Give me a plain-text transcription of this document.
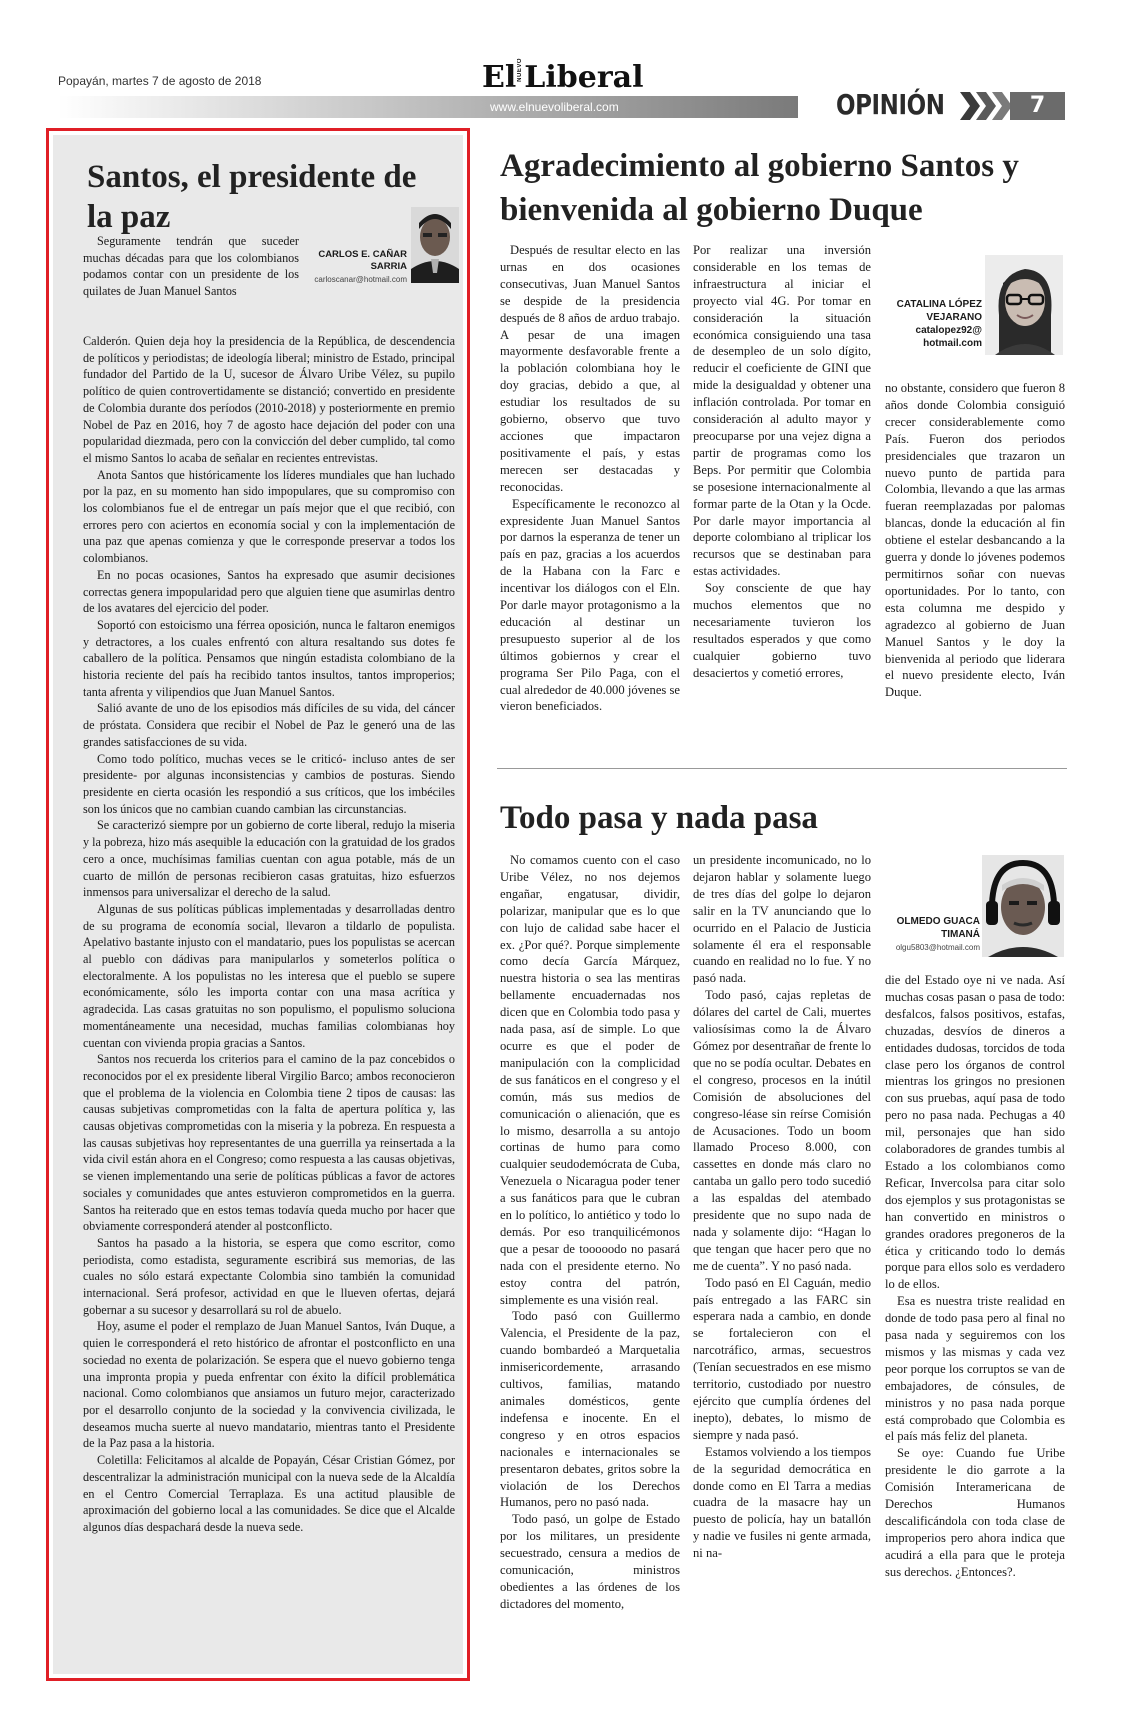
Popayán, martes 7 de agosto de 2018	ElNUEVOLiberal
www.elnuevoliberal.com	OPINIÓN	7
Santos, el presidente de la paz

Seguramente tendrán que suceder muchas décadas para que los colombianos podamos contar con un presidente de los quilates de Juan Manuel Santos

CARLOS E. CAÑAR SARRIA
carloscanar@hotmail.com

Calderón. Quien deja hoy la presidencia de la República, de descendencia de políticos y periodistas; de ideología liberal; ministro de Estado, principal fundador del Partido de la U, sucesor de Álvaro Uribe Vélez, su pupilo político de quien controvertidamente se distanció; convertido en presidente de Colombia durante dos períodos (2010-2018) y posteriormente en premio Nobel de Paz en 2016, hoy 7 de agosto hace dejación del poder con una popularidad diezmada, pero con la convicción del deber cumplido, tal como el mismo Santos lo acaba de señalar en recientes entrevistas.

Anota Santos que históricamente los líderes mundiales que han luchado por la paz, en su momento han sido impopulares, que su compromiso con los colombianos fue el de entregar un país mejor que el que recibió, con errores pero con aciertos en economía social y con la implementación de una paz que apenas comienza y que le corresponde preservar a todos los colombianos.

En no pocas ocasiones, Santos ha expresado que asumir decisiones correctas genera impopularidad pero que alguien tiene que asumirlas dentro de los avatares del ejercicio del poder.

Soportó con estoicismo una férrea oposición, nunca le faltaron enemigos y detractores, a los cuales enfrentó con altura resaltando sus dotes fe caballero de la política. Pensamos que ningún estadista colombiano de la historia reciente del país ha recibido tantos insultos, tantos improperios; tanta afrenta y vilipendios que Juan Manuel Santos.

Salió avante de uno de los episodios más difíciles de su vida, del cáncer de próstata. Considera que recibir el Nobel de Paz le generó una de las grandes satisfacciones de su vida.

Como todo político, muchas veces se le criticó- incluso antes de ser presidente- por algunas inconsistencias y cambios de posturas. Siendo presidente en cierta ocasión les respondió a sus críticos, que los imbéciles son los únicos que no cambian cuando cambian las circunstancias.

Se caracterizó siempre por un gobierno de corte liberal, redujo la miseria y la pobreza, hizo más asequible la educación con la gratuidad de los grados cero a once, muchísimas familias cuentan con agua potable, más de un cuarto de millón de personas recibieron casas gratuitas, hizo esfuerzos inmensos para universalizar el derecho de la salud.

Algunas de sus políticas públicas implementadas y desarrolladas dentro de su programa de economía social, llevaron a tildarlo de populista. Apelativo bastante injusto con el mandatario, pues los populistas se acercan al pueblo con dádivas para manipularlos y someterlos política o electoralmente. A los populistas no les interesa que el pueblo se supere económicamente, sólo les importa contar con una masa acrítica y agradecida. Las casas gratuitas no son populismo, el populismo soluciona momentáneamente una necesidad, muchas familias colombianas hoy cuentan con vivienda propia gracias a Santos.

Santos nos recuerda los criterios para el camino de la paz concebidos o reconocidos por el ex presidente liberal Virgilio Barco; ambos reconocieron que el problema de la violencia en Colombia tiene 2 tipos de causas: las causas subjetivas comprometidas con la falta de apertura política y, las causas objetivas comprometidas con la miseria y la pobreza. En respuesta a las causas subjetivas hoy representantes de una guerrilla ya reinsertada a la vida civil están ahora en el Congreso; como respuesta a las causas objetivas, se vienen implementando una serie de políticas públicas a favor de actores sociales y comunidades que antes estuvieron comprometidos en la guerra. Santos ha reiterado que en estos temas todavía queda mucho por hacer que obviamente corresponderá atender al postconflicto.

Santos ha pasado a la historia, se espera que como escritor, como periodista, como estadista, seguramente escribirá sus memorias, de las cuales no sólo estará expectante Colombia sino también la comunidad internacional. Será profesor, actividad en que le llueven ofertas, dejará gobernar a su sucesor y desarrollará su rol de abuelo.

Hoy, asume el poder el remplazo de Juan Manuel Santos, Iván Duque, a quien le corresponderá el reto histórico de afrontar el postconflicto en una sociedad no exenta de polarización. Se espera que el nuevo gobierno tenga una impronta propia y pueda enfrentar con éxito la difícil problemática nacional. Como colombianos que ansiamos un futuro mejor, caracterizado por el desarrollo conjunto de la sociedad y la convivencia civilizada, le deseamos mucha suerte al nuevo mandatario, mientras tanto el Presidente de la Paz pasa a la historia.

Coletilla: Felicitamos al alcalde de Popayán, César Cristian Gómez, por descentralizar la administración municipal con la nueva sede de la Alcaldía en el Centro Comercial Terraplaza. Es una actitud plausible de aproximación del gobierno local a las comunidades. Se dice que el Alcalde algunos días despachará desde la nueva sede.

Agradecimiento al gobierno Santos y bienvenida al gobierno Duque

Después de resultar electo en las urnas en dos ocasiones consecutivas, Juan Manuel Santos se despide de la presidencia después de 8 años de arduo trabajo. A pesar de una imagen mayormente desfavorable frente a la población colombiana hoy le doy gracias, debido a que, al estudiar los resultados de su gobierno, observo que tuvo acciones que impactaron positivamente el país, y estas merecen ser destacadas y reconocidas.

Específicamente le reconozco al expresidente Juan Manuel Santos por darnos la esperanza de tener un país en paz, gracias a los acuerdos de la Habana con la Farc e incentivar los diálogos con el Eln. Por darle mayor protagonismo a la educación al destinar un presupuesto superior al de los últimos gobiernos y crear el programa Ser Pilo Paga, con el cual alrededor de 40.000 jóvenes se vieron beneficiados.

Por realizar una inversión considerable en los temas de infraestructura al iniciar el proyecto vial 4G. Por tomar en consideración la situación económica consiguiendo una tasa de desempleo de un solo dígito, reducir el coeficiente de GINI que mide la desigualdad y obtener una inflación controlada. Por tomar en consideración al adulto mayor y preocuparse por una vejez digna a partir de programas como los Beps. Por permitir que Colombia se posesione internacionalmente al formar parte de la Otan y la Ocde. Por darle mayor importancia al deporte colombiano al triplicar los recursos que se destinaban para estas actividades.

Soy consciente de que hay muchos elementos que no necesariamente tuvieron los resultados esperados y que como cualquier gobierno tuvo desaciertos y cometió errores,

CATALINA LÓPEZ
VEJARANO
catalopez92@
hotmail.com

no obstante, considero que fueron 8 años donde Colombia consiguió crecer considerablemente como País. Fueron dos periodos presidenciales que trazaron un nuevo punto de partida para Colombia, llevando a que las armas fueran reemplazadas por palomas blancas, donde la educación al fin obtiene el estelar desbancando a la guerra y donde lo jóvenes podemos permitirnos soñar con nuevas oportunidades. Por lo tanto, con esta columna me despido y agradezco al gobierno de Juan Manuel Santos y le doy la bienvenida al periodo que liderara el nuevo presidente electo, Iván Duque.

Todo pasa y nada pasa

No comamos cuento con el caso Uribe Vélez, no nos dejemos engañar, engatusar, dividir, polarizar, manipular que es lo que con lujo de calidad sabe hacer el ex. ¿Por qué?. Porque simplemente como decía García Márquez, nuestra historia o sea las mentiras bellamente encuadernadas nos dicen que en Colombia todo pasa y nada pasa, así de simple. Lo que ocurre es que el poder de manipulación con la complicidad de sus fanáticos en el congreso y el común, más sus medios de comunicación o alienación, que es lo mismo, desarrolla a su antojo cortinas de humo para como cualquier seudodemócrata de Cuba, Venezuela o Nicaragua poder tener a sus fanáticos para que le cubran en lo político, lo antiético y todo lo demás. Por eso tranquilicémonos que a pesar de tooooodo no pasará nada con el presidente eterno. No estoy contra del patrón, simplemente es una visión real.

Todo pasó con Guillermo Valencia, el Presidente de la paz, cuando bombardeó a Marquetalia inmisericordemente, arrasando cultivos, familias, matando animales domésticos, gente indefensa e inocente. En el congreso y en otros espacios nacionales e internacionales se presentaron debates, gritos sobre la violación de los Derechos Humanos, pero no pasó nada.

Todo pasó, un golpe de Estado por los militares, un presidente secuestrado, censura a medios de comunicación, ministros obedientes a las órdenes de los dictadores del momento,

un presidente incomunicado, no lo dejaron hablar y solamente luego de tres días del golpe lo dejaron salir en la TV anunciando que lo ocurrido en el Palacio de Justicia solamente él era el responsable cuando en realidad no lo fue. Y no pasó nada.

Todo pasó, cajas repletas de dólares del cartel de Cali, muertes valiosísimas como la de Álvaro Gómez por desentrañar de frente lo que no se podía ocultar. Debates en el congreso, procesos en la inútil Comisión de absoluciones del congreso-léase sin reírse Comisión de Acusaciones. Todo un boom llamado Proceso 8.000, con cassettes en donde más claro no cantaba un gallo pero todo sucedió a las espaldas del atembado presidente que no supo nada de nada y solamente dijo: “Hagan lo que tengan que hacer pero que no me de cuenta”. Y no pasó nada.

Todo pasó en El Caguán, medio país entregado a las FARC sin esperara nada a cambio, en donde se fortalecieron con el narcotráfico, armas, secuestros (Tenían secuestrados en ese mismo territorio, custodiado por nuestro ejército que cumplía órdenes del inepto), debates, lo mismo de siempre y nada pasó.

Estamos volviendo a los tiempos de la seguridad democrática en donde como en El Tarra a medias cuadra de la masacre hay un puesto de policía, hay un batallón y nadie ve fusiles ni gente armada, ni na-

OLMEDO GUACA
TIMANÁ
olgu5803@hotmail.com

die del Estado oye ni ve nada. Así muchas cosas pasan o pasa de todo: desfalcos, falsos positivos, estafas, chuzadas, desvíos de dineros a entidades dudosas, torcidos de toda clase pero los órganos de control mientras los gringos no presionen con sus pruebas, aquí pasa de todo pero no pasa nada. Pechugas a 40 mil, personajes que han sido colaboradores de grandes tumbis al Estado a los colombianos como Reficar, Invercolsa para citar solo dos ejemplos y sus protagonistas se han convertido en ministros o grandes oradores pregoneros de la ética y criticando todo lo demás porque para ellos solo es verdadero lo de ellos.

Esa es nuestra triste realidad en donde de todo pasa pero al final no pasa nada y seguiremos con los mismos y las mismas y cada vez peor porque los corruptos se van de embajadores, de cónsules, de ministros y no pasa nada porque está comprobado que Colombia es el país más feliz del planeta.

Se oye: Cuando fue Uribe presidente le dio garrote a la Comisión Interamericana de Derechos Humanos descalificándola con toda clase de improperios pero ahora indica que acudirá a ella para que le proteja sus derechos. ¿Entonces?.
